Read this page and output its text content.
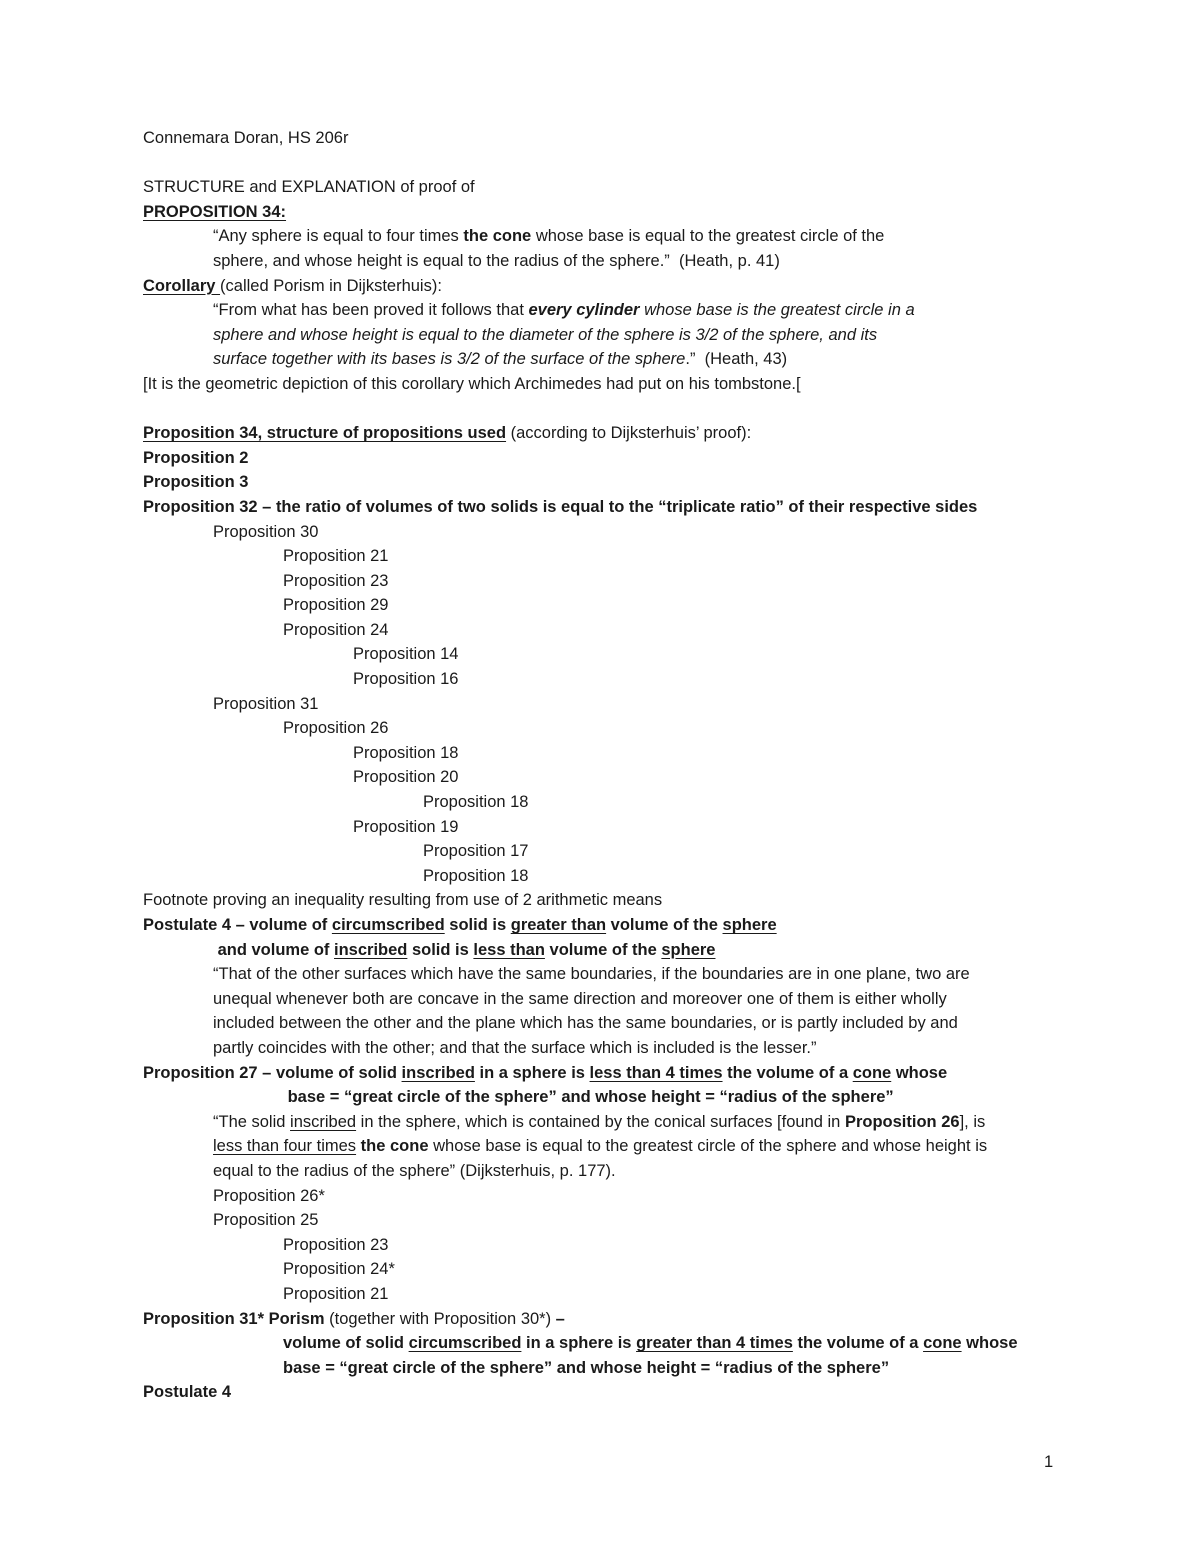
Connemara Doran, HS 206r
STRUCTURE and EXPLANATION of proof of
PROPOSITION 34:
“Any sphere is equal to four times the cone whose base is equal to the greatest circle of the
sphere, and whose height is equal to the radius of the sphere.”  (Heath, p. 41)
Corollary (called Porism in Dijksterhuis):
“From what has been proved it follows that every cylinder whose base is the greatest circle in a
sphere and whose height is equal to the diameter of the sphere is 3/2 of the sphere, and its
surface together with its bases is 3/2 of the surface of the sphere.”  (Heath, 43)
[It is the geometric depiction of this corollary which Archimedes had put on his tombstone.[
Proposition 34, structure of propositions used (according to Dijksterhuis’ proof):
Proposition 2
Proposition 3
Proposition 32 – the ratio of volumes of two solids is equal to the “triplicate ratio” of their respective sides
Proposition 30
Proposition 21
Proposition 23
Proposition 29
Proposition 24
Proposition 14
Proposition 16
Proposition 31
Proposition 26
Proposition 18
Proposition 20
Proposition 18
Proposition 19
Proposition 17
Proposition 18
Footnote proving an inequality resulting from use of 2 arithmetic means
Postulate 4 – volume of circumscribed solid is greater than volume of the sphere
and volume of inscribed solid is less than volume of the sphere
“That of the other surfaces which have the same boundaries, if the boundaries are in one plane, two are
unequal whenever both are concave in the same direction and moreover one of them is either wholly
included between the other and the plane which has the same boundaries, or is partly included by and
partly coincides with the other; and that the surface which is included is the lesser.”
Proposition 27 – volume of solid inscribed in a sphere is less than 4 times the volume of a cone whose
base = “great circle of the sphere” and whose height = “radius of the sphere”
“The solid inscribed in the sphere, which is contained by the conical surfaces [found in Proposition 26], is
less than four times the cone whose base is equal to the greatest circle of the sphere and whose height is
equal to the radius of the sphere” (Dijksterhuis, p. 177).
Proposition 26*
Proposition 25
Proposition 23
Proposition 24*
Proposition 21
Proposition 31* Porism (together with Proposition 30*) –
volume of solid circumscribed in a sphere is greater than 4 times the volume of a cone whose
base = “great circle of the sphere” and whose height = “radius of the sphere”
Postulate 4
1
